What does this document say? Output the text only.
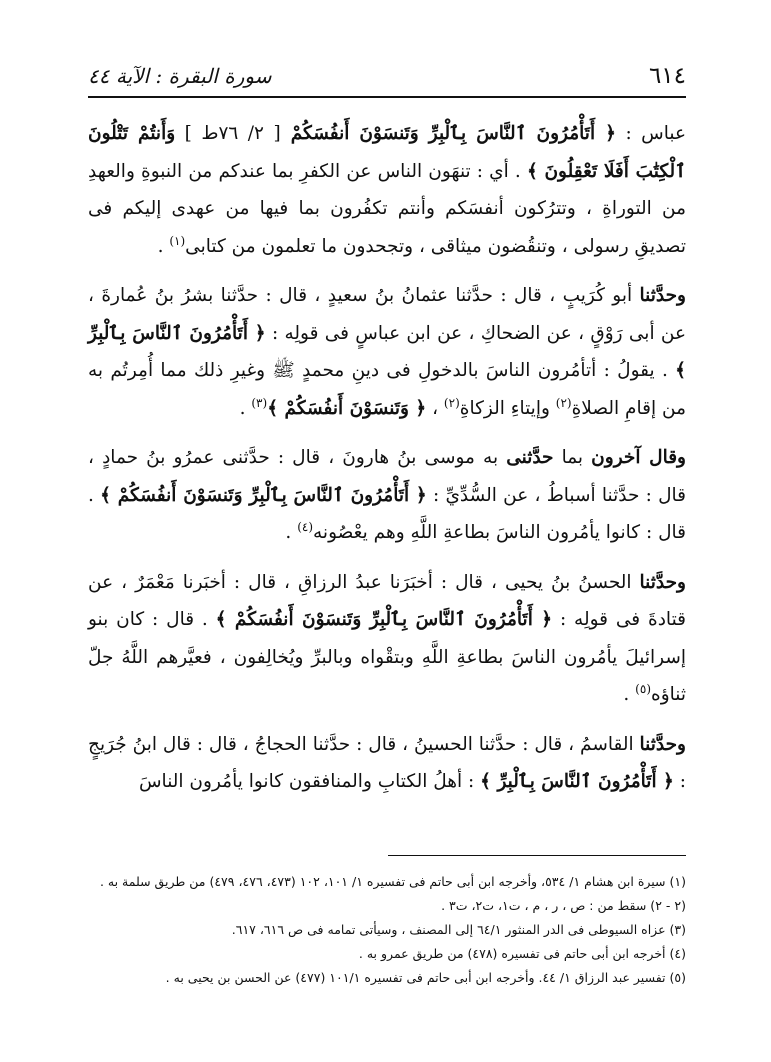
٦١٤
سورة البقرة : الآية ٤٤

عباس : ﴿ أَتَأْمُرُونَ ٱلنَّاسَ بِٱلْبِرِّ وَتَنسَوْنَ أَنفُسَكُمْ [ ٢/ ٧٦ط ] وَأَنتُمْ تَتْلُونَ ٱلْكِتَٰبَ أَفَلَا تَعْقِلُونَ ﴾ . أي : تنهَون الناس عن الكفرِ بما عندكم من النبوةِ والعهدِ من التوراةِ ، وتترُكون أنفسَكم وأنتم تكفُرون بما فيها من عهدى إليكم فى تصديقِ رسولى ، وتنقُضون ميثاقى ، وتجحدون ما تعلمون من كتابى$^{(١)}$ .

وحدَّثنا أبو كُرَيبٍ ، قال : حدَّثنا عثمانُ بنُ سعيدٍ ، قال : حدَّثنا بشرُ بنُ عُمارةَ ، عن أبى رَوْقٍ ، عن الضحاكِ ، عن ابن عباسٍ فى قولِه : ﴿ أَتَأْمُرُونَ ٱلنَّاسَ بِٱلْبِرِّ ﴾ . يقولُ : أتأمُرون الناسَ بالدخولِ فى دينِ محمدٍ ﷺ وغيرِ ذلك مما أُمِرتُم به من إقامِ الصلاةِ$^{(٢)}$ وإيتاءِ الزكاةِ$^{(٢)}$ ، ﴿ وَتَنسَوْنَ أَنفُسَكُمْ ﴾$^{(٣)}$ .

وقال آخرون بما حدَّثنى به موسى بنُ هارونَ ، قال : حدَّثنى عمرُو بنُ حمادٍ ، قال : حدَّثنا أسباطُ ، عن السُّدِّيِّ : ﴿ أَتَأْمُرُونَ ٱلنَّاسَ بِٱلْبِرِّ وَتَنسَوْنَ أَنفُسَكُمْ ﴾ . قال : كانوا يأمُرون الناسَ بطاعةِ اللَّهِ وهم يعْصُونه$^{(٤)}$ .

وحدَّثنا الحسنُ بنُ يحيى ، قال : أخبَرَنا عبدُ الرزاقِ ، قال : أخبَرنا مَعْمَرٌ ، عن قتادةَ فى قولِه : ﴿ أَتَأْمُرُونَ ٱلنَّاسَ بِٱلْبِرِّ وَتَنسَوْنَ أَنفُسَكُمْ ﴾ . قال : كان بنو إسرائيلَ يأمُرون الناسَ بطاعةِ اللَّهِ وبتقْواه وبالبرِّ ويُخالِفون ، فعيَّرهم اللَّهُ جلّ ثناؤه$^{(٥)}$ .

وحدَّثنا القاسمُ ، قال : حدَّثنا الحسينُ ، قال : حدَّثنا الحجاجُ ، قال : قال ابنُ جُرَيجٍ : ﴿ أَتَأْمُرُونَ ٱلنَّاسَ بِٱلْبِرِّ ﴾ : أهلُ الكتابِ والمنافقون كانوا يأمُرون الناسَ

(١) سيرة ابن هشام ١/ ٥٣٤، وأخرجه ابن أبى حاتم فى تفسيره ١/ ١٠١، ١٠٢ (٤٧٣، ٤٧٦، ٤٧٩) من طريق سلمة به .

(٢ - ٢) سقط من : ص ، ر ، م ، ت١، ت٢، ت٣ .

(٣) عزاه السيوطى فى الدر المنثور ٦٤/١ إلى المصنف ، وسيأتى تمامه فى ص ٦١٦، ٦١٧.

(٤) أخرجه ابن أبى حاتم فى تفسيره (٤٧٨) من طريق عمرو به .

(٥) تفسير عبد الرزاق ١/ ٤٤. وأخرجه ابن أبى حاتم فى تفسيره ١٠١/١ (٤٧٧) عن الحسن بن يحيى به .
